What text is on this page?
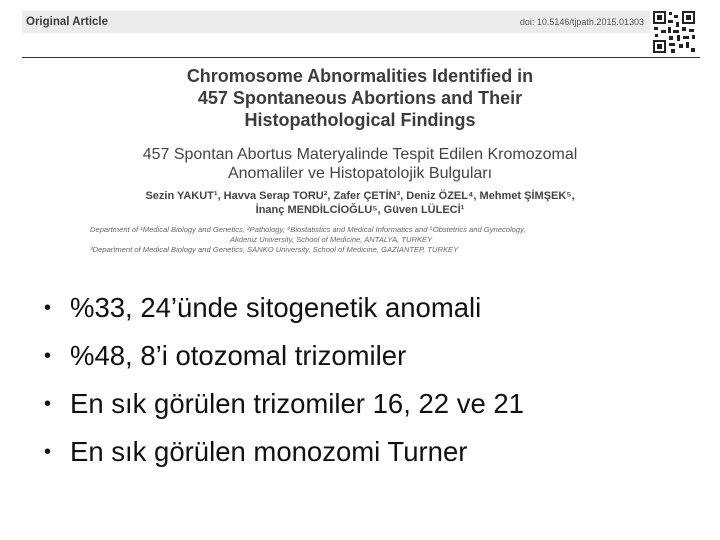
Original Article	doi: 10.5146/tjpath.2015.01303
Chromosome Abnormalities Identified in
457 Spontaneous Abortions and Their
Histopathological Findings
457 Spontan Abortus Materyalinde Tespit Edilen Kromozomal
Anomaliler ve Histopatolojik Bulguları
Sezin YAKUT¹, Havva Serap TORU², Zafer ÇETİN³, Deniz ÖZEL⁴, Mehmet ŞİMŞEK⁵,
İnanç MENDİLCİOĞLU⁵, Güven LÜLECİ¹
Department of ¹Medical Biology and Genetics, ²Pathology, ⁴Biostatistics and Medical Informatics and ⁵Obstetrics and Gynecology,
Akdeniz University, School of Medicine, ANTALYA, TURKEY
³Department of Medical Biology and Genetics, SANKO University, School of Medicine, GAZİANTEP, TURKEY
• %33, 24’ünde sitogenetik anomali
• %48, 8’i otozomal trizomiler
• En sık görülen trizomiler 16, 22 ve 21
• En sık görülen monozomi Turner
